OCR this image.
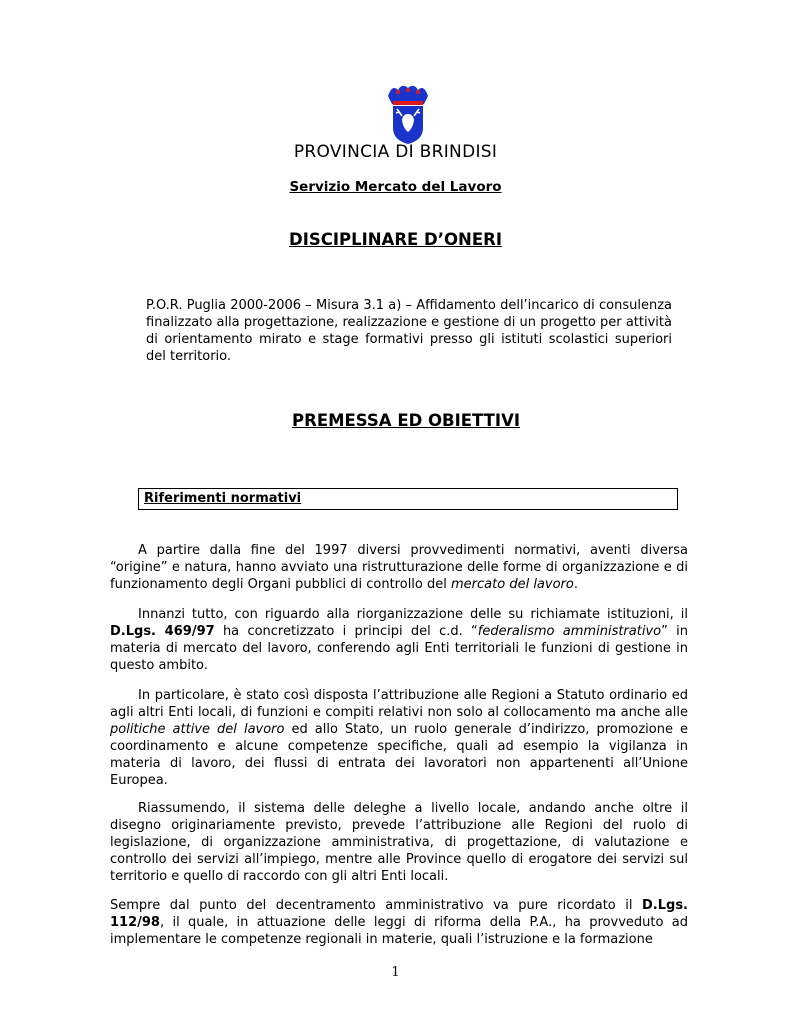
PROVINCIA DI BRINDISI
Servizio Mercato del Lavoro
DISCIPLINARE D’ONERI
P.O.R. Puglia 2000-2006 – Misura 3.1 a) – Affidamento dell’incarico di consulenza finalizzato alla progettazione, realizzazione e gestione di un progetto per attività di orientamento mirato e stage formativi presso gli istituti scolastici superiori del territorio.
PREMESSA ED OBIETTIVI
Riferimenti normativi
A partire dalla fine del 1997 diversi provvedimenti normativi, aventi diversa “origine” e natura, hanno avviato una ristrutturazione delle forme di organizzazione e di funzionamento degli Organi pubblici di controllo del mercato del lavoro.
Innanzi tutto, con riguardo alla riorganizzazione delle su richiamate istituzioni, il D.Lgs. 469/97 ha concretizzato i principi del c.d. “federalismo amministrativo” in materia di mercato del lavoro, conferendo agli Enti territoriali le funzioni di gestione in questo ambito.
In particolare, è stato così disposta l’attribuzione alle Regioni a Statuto ordinario ed agli altri Enti locali, di funzioni e compiti relativi non solo al collocamento ma anche alle politiche attive del lavoro ed allo Stato, un ruolo generale d’indirizzo, promozione e coordinamento e alcune competenze specifiche, quali ad esempio la vigilanza in materia di lavoro, dei flussi di entrata dei lavoratori non appartenenti all’Unione Europea.
Riassumendo, il sistema delle deleghe a livello locale, andando anche oltre il disegno originariamente previsto, prevede l’attribuzione alle Regioni del ruolo di legislazione, di organizzazione amministrativa, di progettazione, di valutazione e controllo dei servizi all’impiego, mentre alle Province quello di erogatore dei servizi sul territorio e quello di raccordo con gli altri Enti locali.
Sempre dal punto del decentramento amministrativo va pure ricordato il D.Lgs. 112/98, il quale, in attuazione delle leggi di riforma della P.A., ha provveduto ad implementare le competenze regionali in materie, quali l’istruzione e la formazione
1
